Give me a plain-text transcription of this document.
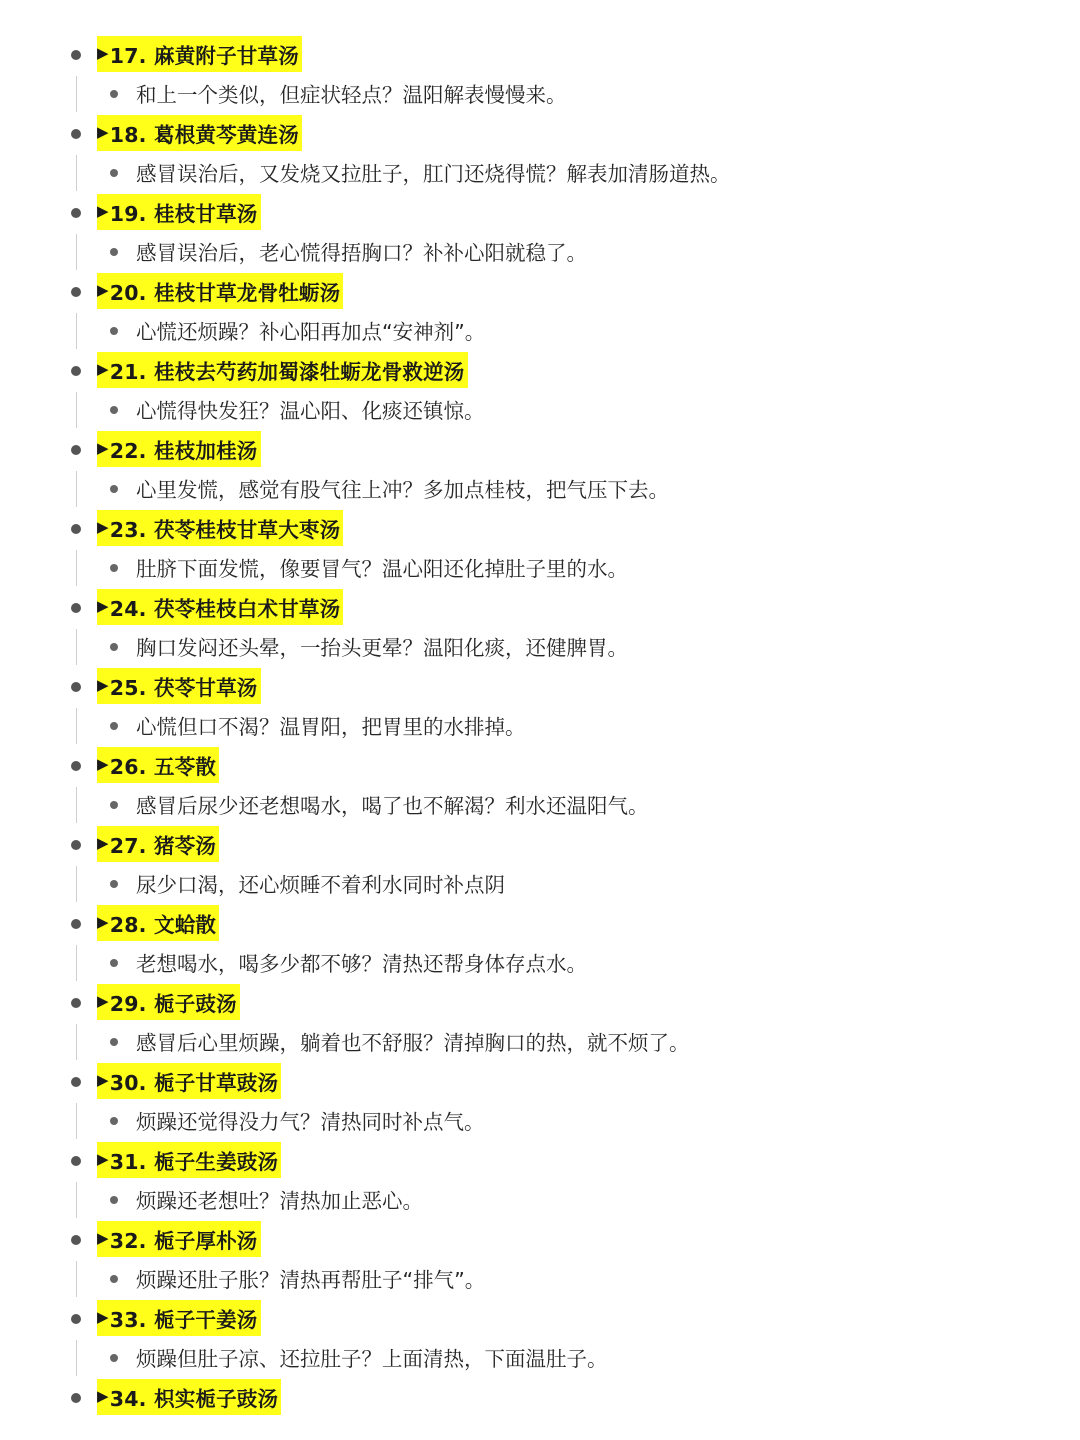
▶ 17. 麻黄附子甘草汤
和上一个类似，但症状轻点？温阳解表慢慢来。
▶ 18. 葛根黄芩黄连汤
感冒误治后，又发烧又拉肚子，肛门还烧得慌？解表加清肠道热。
▶ 19. 桂枝甘草汤
感冒误治后，老心慌得捂胸口？补补心阳就稳了。
▶ 20. 桂枝甘草龙骨牡蛎汤
心慌还烦躁？补心阳再加点“安神剂”。
▶ 21. 桂枝去芍药加蜀漆牡蛎龙骨救逆汤
心慌得快发狂？温心阳、化痰还镇惊。
▶ 22. 桂枝加桂汤
心里发慌，感觉有股气往上冲？多加点桂枝，把气压下去。
▶ 23. 茯苓桂枝甘草大枣汤
肚脐下面发慌，像要冒气？温心阳还化掉肚子里的水。
▶ 24. 茯苓桂枝白术甘草汤
胸口发闷还头晕，一抬头更晕？温阳化痰，还健脾胃。
▶ 25. 茯苓甘草汤
心慌但口不渴？温胃阳，把胃里的水排掉。
▶ 26. 五苓散
感冒后尿少还老想喝水，喝了也不解渴？利水还温阳气。
▶ 27. 猪苓汤
尿少口渴，还心烦睡不着利水同时补点阴
▶ 28. 文蛤散
老想喝水，喝多少都不够？清热还帮身体存点水。
▶ 29. 栀子豉汤
感冒后心里烦躁，躺着也不舒服？清掉胸口的热，就不烦了。
▶ 30. 栀子甘草豉汤
烦躁还觉得没力气？清热同时补点气。
▶ 31. 栀子生姜豉汤
烦躁还老想吐？清热加止恶心。
▶ 32. 栀子厚朴汤
烦躁还肚子胀？清热再帮肚子“排气”。
▶ 33. 栀子干姜汤
烦躁但肚子凉、还拉肚子？上面清热，下面温肚子。
▶ 34. 枳实栀子豉汤
